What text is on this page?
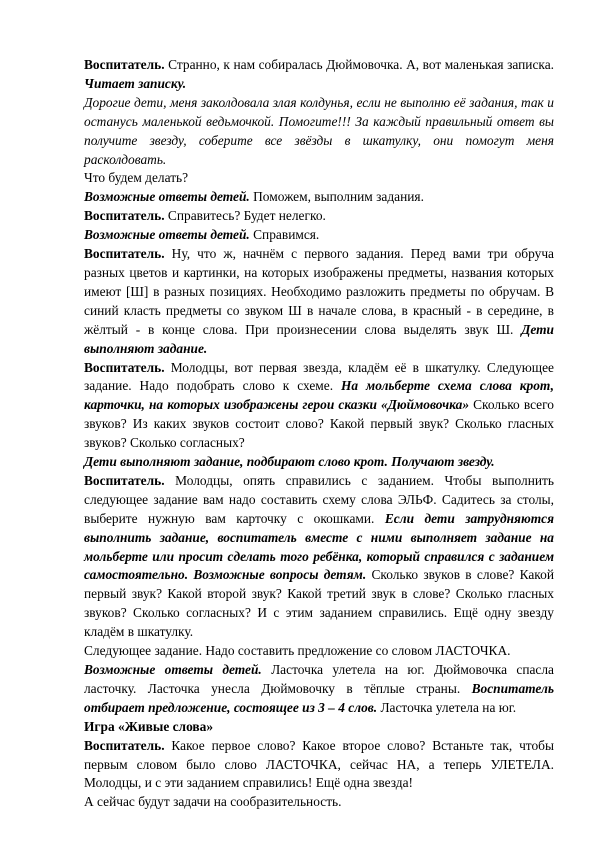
Воспитатель. Странно, к нам собиралась Дюймовочка. А, вот маленькая записка. Читает записку.

Дорогие дети, меня заколдовала злая колдунья, если не выполню её задания, так и останусь маленькой ведьмочкой. Помогите!!! За каждый правильный ответ вы получите звезду, соберите все звёзды в шкатулку, они помогут меня расколдовать.

Что будем делать?

Возможные ответы детей. Поможем, выполним задания.

Воспитатель. Справитесь? Будет нелегко.

Возможные ответы детей. Справимся.

Воспитатель. Ну, что ж, начнём с первого задания. Перед вами три обруча разных цветов и картинки, на которых изображены предметы, названия которых имеют [Ш] в разных позициях. Необходимо разложить предметы по обручам. В синий класть предметы со звуком Ш в начале слова, в красный - в середине, в жёлтый - в конце слова. При произнесении слова выделять звук Ш. Дети выполняют задание.

Воспитатель. Молодцы, вот первая звезда, кладём её в шкатулку. Следующее задание. Надо подобрать слово к схеме. На мольберте схема слова крот, карточки, на которых изображены герои сказки «Дюймовочка» Сколько всего звуков? Из каких звуков состоит слово? Какой первый звук? Сколько гласных звуков? Сколько согласных?

Дети выполняют задание, подбирают слово крот. Получают звезду.

Воспитатель. Молодцы, опять справились с заданием. Чтобы выполнить следующее задание вам надо составить схему слова ЭЛЬФ. Садитесь за столы, выберите нужную вам карточку с окошками. Если дети затрудняются выполнить задание, воспитатель вместе с ними выполняет задание на мольберте или просит сделать того ребёнка, который справился с заданием самостоятельно. Возможные вопросы детям. Сколько звуков в слове? Какой первый звук? Какой второй звук? Какой третий звук в слове? Сколько гласных звуков? Сколько согласных? И с этим заданием справились. Ещё одну звезду кладём в шкатулку.

Следующее задание. Надо составить предложение со словом ЛАСТОЧКА.

Возможные ответы детей. Ласточка улетела на юг. Дюймовочка спасла ласточку. Ласточка унесла Дюймовочку в тёплые страны. Воспитатель отбирает предложение, состоящее из 3 – 4 слов. Ласточка улетела на юг.

Игра «Живые слова»

Воспитатель. Какое первое слово? Какое второе слово? Встаньте так, чтобы первым словом было слово ЛАСТОЧКА, сейчас НА, а теперь УЛЕТЕЛА. Молодцы, и с эти заданием справились! Ещё одна звезда!

А сейчас будут задачи на сообразительность.
